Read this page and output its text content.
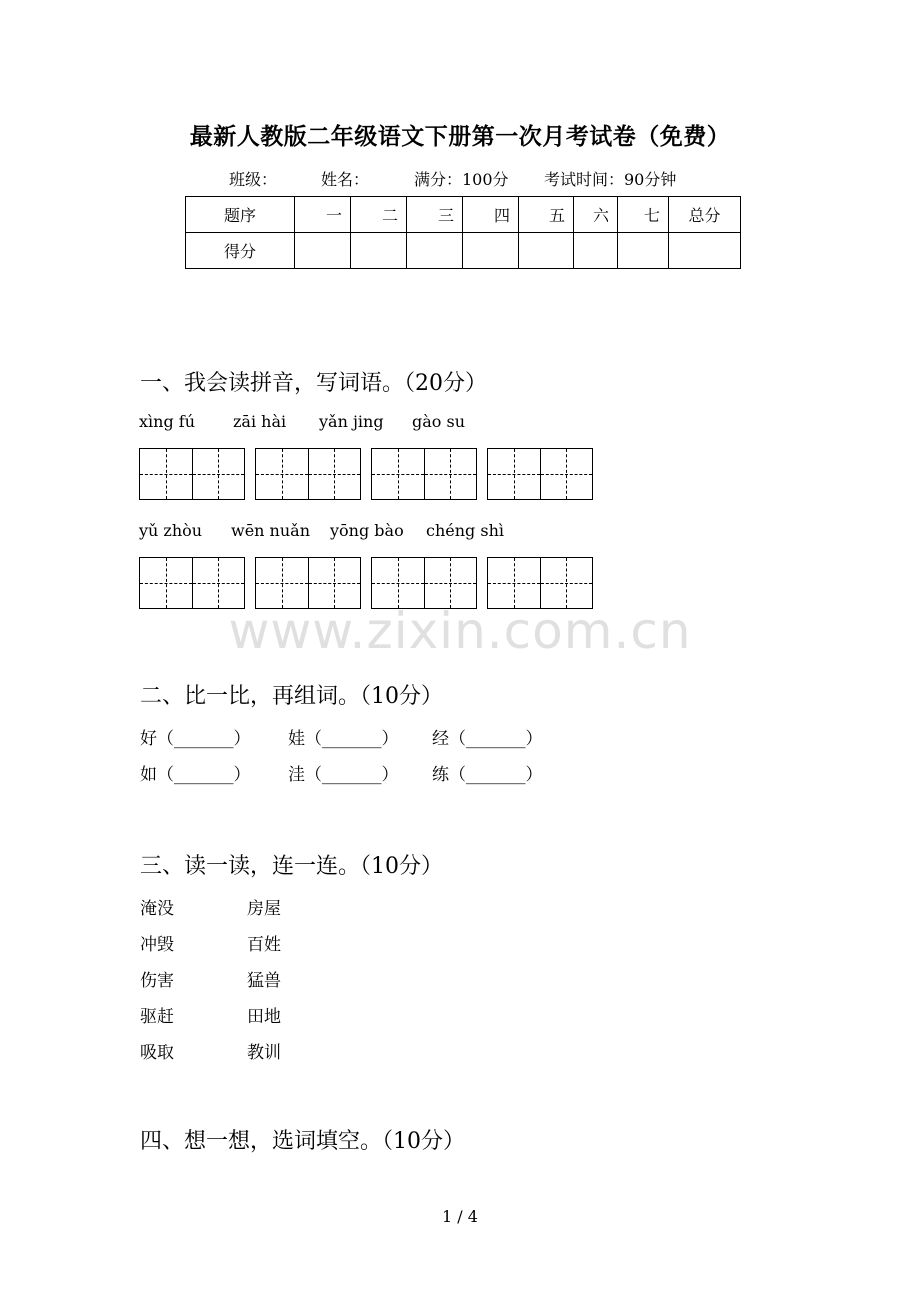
最新人教版二年级语文下册第一次月考试卷（免费）
班级：	姓名：	满分：100分 考试时间：90分钟
题序	一	二	三	四	五	六	七	总分
得分								
一、我会读拼音，写词语。（20分）
xìng fú zāi hài yǎn jing gào su
yǔ zhòu wēn nuǎn yōng bào chéng shì
www.zixin.com.cn
二、比一比，再组词。（10分）
好（_______） 娃（_______） 经（_______）
如（_______） 洼（_______） 练（_______）
三、读一读，连一连。（10分）
淹没	房屋
冲毁	百姓
伤害	猛兽
驱赶	田地
吸取	教训
四、想一想，选词填空。（10分）
1 / 4
